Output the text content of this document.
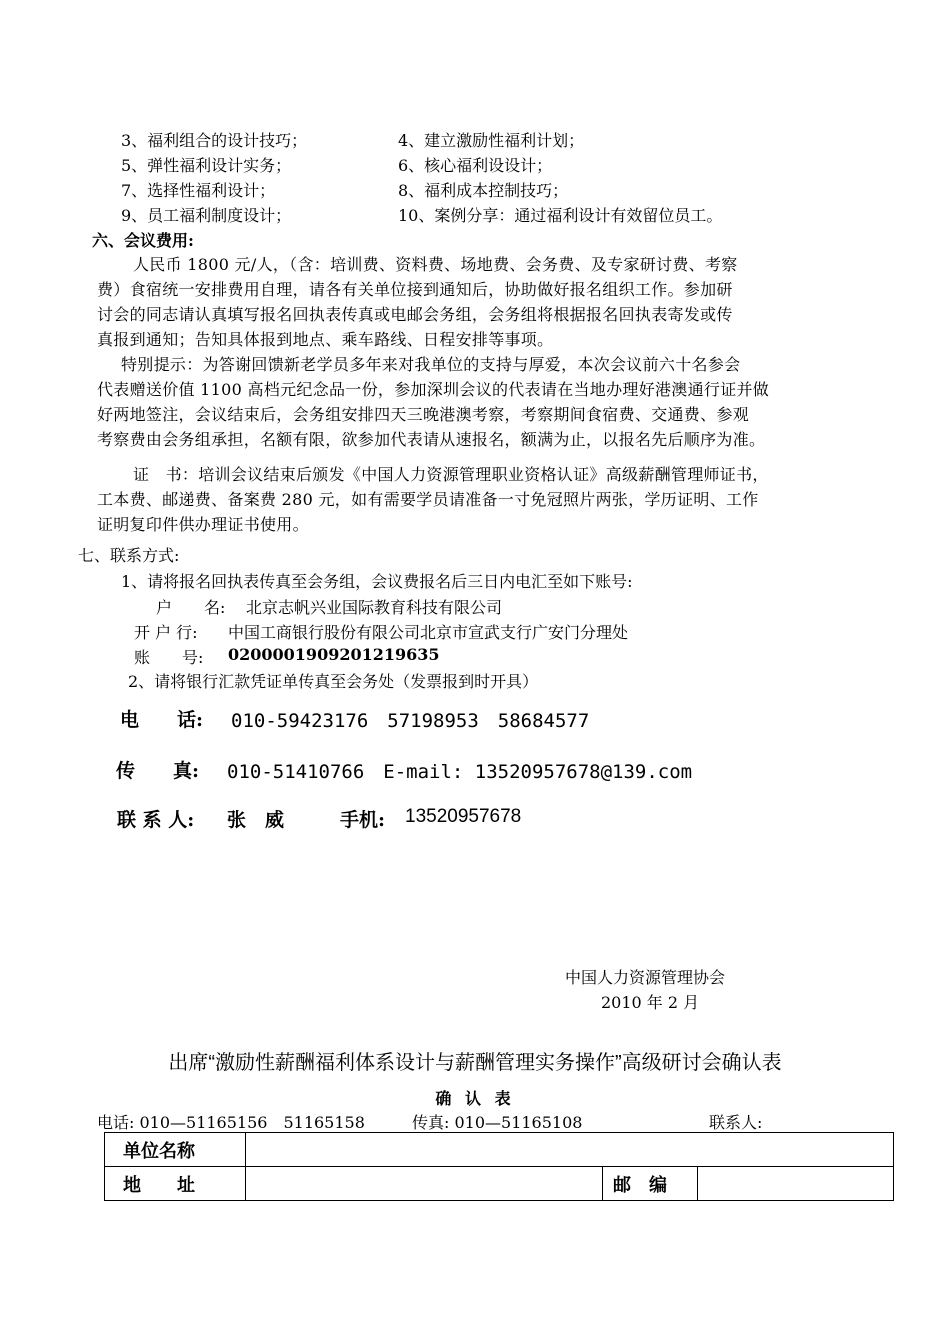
3、福利组合的设计技巧；	4、建立激励性福利计划；
5、弹性福利设计实务；	6、核心福利设设计；
7、选择性福利设计；	8、福利成本控制技巧；
9、员工福利制度设计；	10、案例分享：通过福利设计有效留位员工。
六、会议费用:
人民币 1800 元/人，（含：培训费、资料费、场地费、会务费、及专家研讨费、考察
费）食宿统一安排费用自理，请各有关单位接到通知后，协助做好报名组织工作。参加研
讨会的同志请认真填写报名回执表传真或电邮会务组，会务组将根据报名回执表寄发或传
真报到通知；告知具体报到地点、乘车路线、日程安排等事项。
特别提示：为答谢回馈新老学员多年来对我单位的支持与厚爱，本次会议前六十名参会
代表赠送价值 1100 高档元纪念品一份，参加深圳会议的代表请在当地办理好港澳通行证并做
好两地签注，会议结束后，会务组安排四天三晚港澳考察，考察期间食宿费、交通费、参观
考察费由会务组承担，名额有限，欲参加代表请从速报名，额满为止，以报名先后顺序为准。
证　书：培训会议结束后颁发《中国人力资源管理职业资格认证》高级薪酬管理师证书，
工本费、邮递费、备案费 280 元，如有需要学员请准备一寸免冠照片两张，学历证明、工作
证明复印件供办理证书使用。
七、联系方式:
1、请将报名回执表传真至会务组，会议费报名后三日内电汇至如下账号:
户　　名: 北京志帆兴业国际教育科技有限公司
开 户 行: 中国工商银行股份有限公司北京市宣武支行广安门分理处
账　　号: 0200001909201219635
2、请将银行汇款凭证单传真至会务处（发票报到时开具）
电　　话: 010-59423176　57198953　58684577
传　　真: 010-51410766　E-mail: 13520957678@139.com
联 系 人: 张　威	手机: 13520957678
中国人力资源管理协会
2010 年 2 月
出席“激励性薪酬福利体系设计与薪酬管理实务操作”高级研讨会确认表
确 认 表
电话: 010—51165156　51165158	传真: 010—51165108	联系人:
单位名称			
地　　址		邮　编	
